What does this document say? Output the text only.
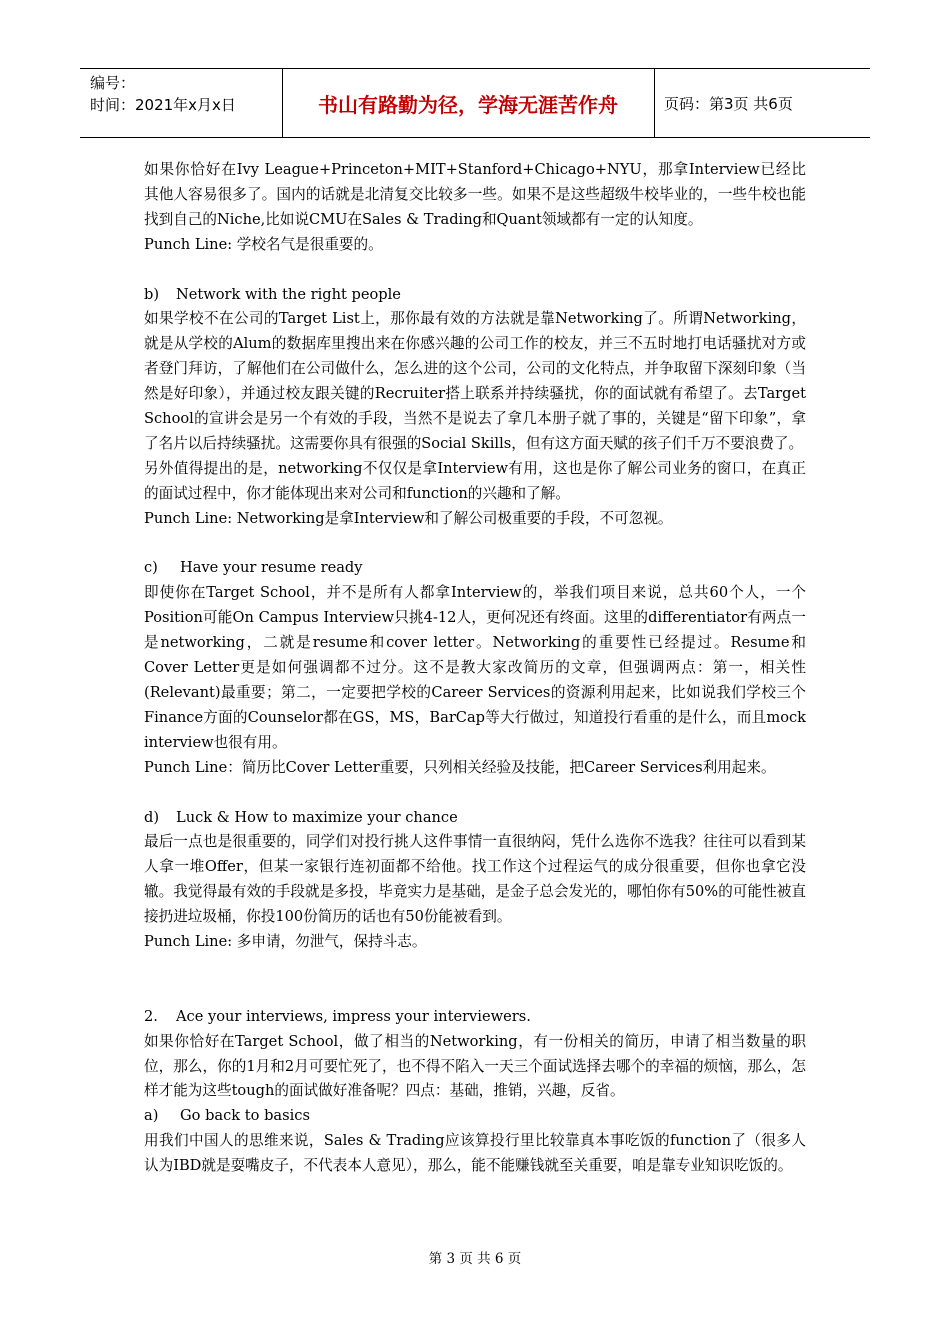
编号：
时间：2021年x月x日	书山有路勤为径，学海无涯苦作舟	页码：第3页 共6页

如果你恰好在Ivy League+Princeton+MIT+Stanford+Chicago+NYU，那拿Interview已经比其他人容易很多了。国内的话就是北清复交比较多一些。如果不是这些超级牛校毕业的，一些牛校也能找到自己的Niche,比如说CMU在Sales & Trading和Quant领域都有一定的认知度。

Punch Line: 学校名气是很重要的。

b) Network with the right people

如果学校不在公司的Target List上，那你最有效的方法就是靠Networking了。所谓Networking，就是从学校的Alum的数据库里搜出来在你感兴趣的公司工作的校友，并三不五时地打电话骚扰对方或者登门拜访，了解他们在公司做什么，怎么进的这个公司，公司的文化特点，并争取留下深刻印象（当然是好印象），并通过校友跟关键的Recruiter搭上联系并持续骚扰，你的面试就有希望了。去Target School的宣讲会是另一个有效的手段，当然不是说去了拿几本册子就了事的，关键是“留下印象”，拿了名片以后持续骚扰。这需要你具有很强的Social Skills，但有这方面天赋的孩子们千万不要浪费了。

另外值得提出的是，networking不仅仅是拿Interview有用，这也是你了解公司业务的窗口，在真正的面试过程中，你才能体现出来对公司和function的兴趣和了解。

Punch Line: Networking是拿Interview和了解公司极重要的手段，不可忽视。

c) Have your resume ready

即使你在Target School，并不是所有人都拿Interview的，举我们项目来说，总共60个人，一个Position可能On Campus Interview只挑4-12人，更何况还有终面。这里的differentiator有两点一是networking，二就是resume和cover letter。Networking的重要性已经提过。Resume和Cover Letter更是如何强调都不过分。这不是教大家改简历的文章，但强调两点：第一，相关性(Relevant)最重要；第二，一定要把学校的Career Services的资源利用起来，比如说我们学校三个Finance方面的Counselor都在GS，MS，BarCap等大行做过，知道投行看重的是什么，而且mock interview也很有用。

Punch Line：简历比Cover Letter重要，只列相关经验及技能，把Career Services利用起来。

d) Luck & How to maximize your chance

最后一点也是很重要的，同学们对投行挑人这件事情一直很纳闷，凭什么选你不选我？往往可以看到某人拿一堆Offer，但某一家银行连初面都不给他。找工作这个过程运气的成分很重要，但你也拿它没辙。我觉得最有效的手段就是多投，毕竟实力是基础，是金子总会发光的，哪怕你有50%的可能性被直接扔进垃圾桶，你投100份简历的话也有50份能被看到。

Punch Line: 多申请，勿泄气，保持斗志。

2. Ace your interviews, impress your interviewers.

如果你恰好在Target School，做了相当的Networking，有一份相关的简历，申请了相当数量的职位，那么，你的1月和2月可要忙死了，也不得不陷入一天三个面试选择去哪个的幸福的烦恼，那么，怎样才能为这些tough的面试做好准备呢？四点：基础，推销，兴趣，反省。

a) Go back to basics

用我们中国人的思维来说，Sales & Trading应该算投行里比较靠真本事吃饭的function了（很多人认为IBD就是耍嘴皮子，不代表本人意见），那么，能不能赚钱就至关重要，咱是靠专业知识吃饭的。

第 3 页 共 6 页
